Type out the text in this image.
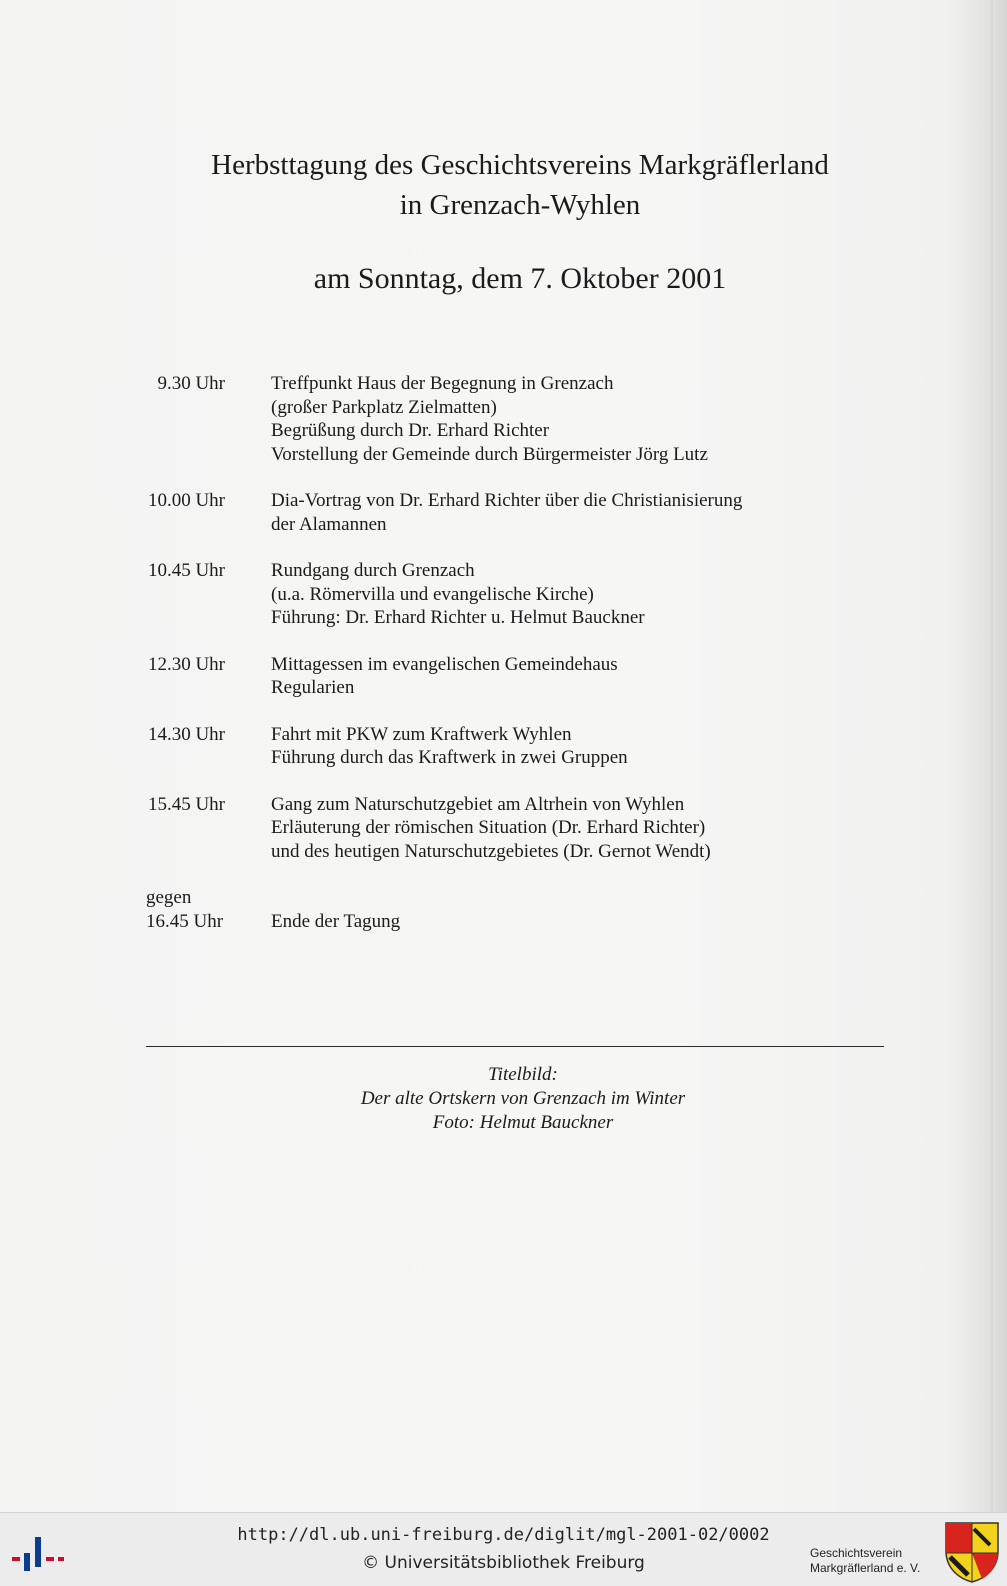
Herbsttagung des Geschichtsvereins Markgräflerland
in Grenzach-Wyhlen
am Sonntag, dem 7. Oktober 2001
9.30 Uhr Treffpunkt Haus der Begegnung in Grenzach
(großer Parkplatz Zielmatten)
Begrüßung durch Dr. Erhard Richter
Vorstellung der Gemeinde durch Bürgermeister Jörg Lutz
10.00 Uhr Dia-Vortrag von Dr. Erhard Richter über die Christianisierung
der Alamannen
10.45 Uhr Rundgang durch Grenzach
(u.a. Römervilla und evangelische Kirche)
Führung: Dr. Erhard Richter u. Helmut Bauckner
12.30 Uhr Mittagessen im evangelischen Gemeindehaus
Regularien
14.30 Uhr Fahrt mit PKW zum Kraftwerk Wyhlen
Führung durch das Kraftwerk in zwei Gruppen
15.45 Uhr Gang zum Naturschutzgebiet am Altrhein von Wyhlen
Erläuterung der römischen Situation (Dr. Erhard Richter)
und des heutigen Naturschutzgebietes (Dr. Gernot Wendt)
gegen
16.45 Uhr	Ende der Tagung
Titelbild:
Der alte Ortskern von Grenzach im Winter
Foto: Helmut Bauckner
http://dl.ub.uni-freiburg.de/diglit/mgl-2001-02/0002
© Universitätsbibliothek Freiburg	Geschichtsverein
Markgräflerland e. V.
